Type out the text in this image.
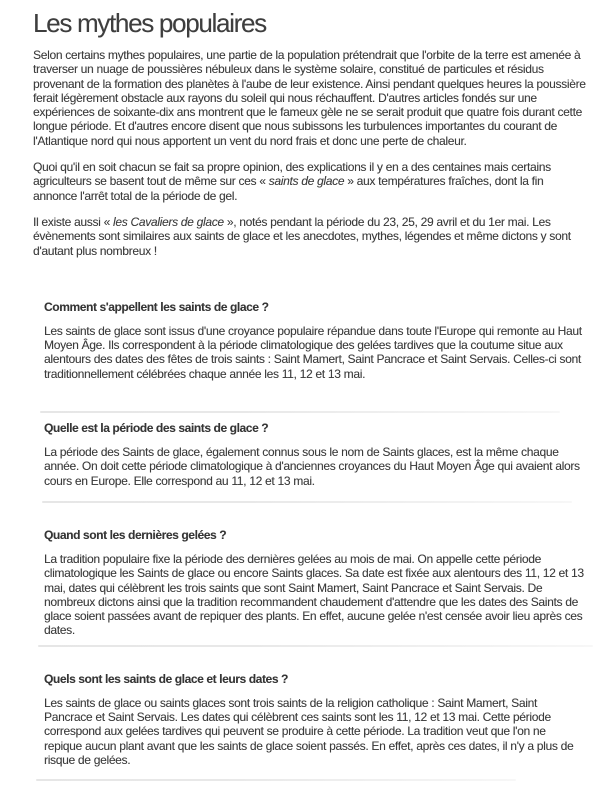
Les mythes populaires

Selon certains mythes populaires, une partie de la population prétendrait que l'orbite de la terre est amenée à traverser un nuage de poussières nébuleux dans le système solaire, constitué de particules et résidus provenant de la formation des planètes à l'aube de leur existence. Ainsi pendant quelques heures la poussière ferait légèrement obstacle aux rayons du soleil qui nous réchauffent. D'autres articles fondés sur une expériences de soixante-dix ans montrent que le fameux gèle ne se serait produit que quatre fois durant cette longue période. Et d'autres encore disent que nous subissons les turbulences importantes du courant de l'Atlantique nord qui nous apportent un vent du nord frais et donc une perte de chaleur.

Quoi qu'il en soit chacun se fait sa propre opinion, des explications il y en a des centaines mais certains agriculteurs se basent tout de même sur ces « saints de glace » aux températures fraîches, dont la fin annonce l'arrêt total de la période de gel.

Il existe aussi « les Cavaliers de glace », notés pendant la période du 23, 25, 29 avril et du 1er mai. Les évènements sont similaires aux saints de glace et les anecdotes, mythes, légendes et même dictons y sont d'autant plus nombreux !

Comment s'appellent les saints de glace ?

Les saints de glace sont issus d'une croyance populaire répandue dans toute l'Europe qui remonte au Haut Moyen Âge. Ils correspondent à la période climatologique des gelées tardives que la coutume situe aux alentours des dates des fêtes de trois saints : Saint Mamert, Saint Pancrace et Saint Servais. Celles-ci sont traditionnellement célébrées chaque année les 11, 12 et 13 mai.

Quelle est la période des saints de glace ?

La période des Saints de glace, également connus sous le nom de Saints glaces, est la même chaque année. On doit cette période climatologique à d'anciennes croyances du Haut Moyen Âge qui avaient alors cours en Europe. Elle correspond au 11, 12 et 13 mai.

Quand sont les dernières gelées ?

La tradition populaire fixe la période des dernières gelées au mois de mai. On appelle cette période climatologique les Saints de glace ou encore Saints glaces. Sa date est fixée aux alentours des 11, 12 et 13 mai, dates qui célèbrent les trois saints que sont Saint Mamert, Saint Pancrace et Saint Servais. De nombreux dictons ainsi que la tradition recommandent chaudement d'attendre que les dates des Saints de glace soient passées avant de repiquer des plants. En effet, aucune gelée n'est censée avoir lieu après ces dates.

Quels sont les saints de glace et leurs dates ?

Les saints de glace ou saints glaces sont trois saints de la religion catholique : Saint Mamert, Saint Pancrace et Saint Servais. Les dates qui célèbrent ces saints sont les 11, 12 et 13 mai. Cette période correspond aux gelées tardives qui peuvent se produire à cette période. La tradition veut que l'on ne repique aucun plant avant que les saints de glace soient passés. En effet, après ces dates, il n'y a plus de risque de gelées.
